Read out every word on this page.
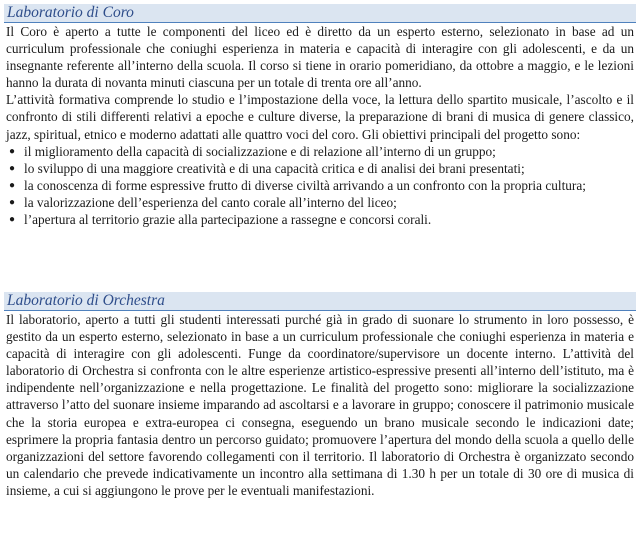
Laboratorio di Coro

Il Coro è aperto a tutte le componenti del liceo ed è diretto da un esperto esterno, selezionato in base ad un curriculum professionale che coniughi esperienza in materia e capacità di interagire con gli adolescenti, e da un insegnante referente all’interno della scuola. Il corso si tiene in orario pomeridiano, da ottobre a maggio, e le lezioni hanno la durata di novanta minuti ciascuna per un totale di trenta ore all’anno.

L’attività formativa comprende lo studio e l’impostazione della voce, la lettura dello spartito musicale, l’ascolto e il confronto di stili differenti relativi a epoche e culture diverse, la preparazione di brani di musica di genere classico, jazz, spiritual, etnico e moderno adattati alle quattro voci del coro. Gli obiettivi principali del progetto sono:

● il miglioramento della capacità di socializzazione e di relazione all’interno di un gruppo;
● lo sviluppo di una maggiore creatività e di una capacità critica e di analisi dei brani presentati;
● la conoscenza di forme espressive frutto di diverse civiltà arrivando a un confronto con la propria cultura;
● la valorizzazione dell’esperienza del canto corale all’interno del liceo;
● l’apertura al territorio grazie alla partecipazione a rassegne e concorsi corali.
Laboratorio di Orchestra

Il laboratorio, aperto a tutti gli studenti interessati purché già in grado di suonare lo strumento in loro possesso, è gestito da un esperto esterno, selezionato in base a un curriculum professionale che coniughi esperienza in materia e capacità di interagire con gli adolescenti. Funge da coordinatore/supervisore un docente interno. L’attività del laboratorio di Orchestra si confronta con le altre esperienze artistico-espressive presenti all’interno dell’istituto, ma è indipendente nell’organizzazione e nella progettazione. Le finalità del progetto sono: migliorare la socializzazione attraverso l’atto del suonare insieme imparando ad ascoltarsi e a lavorare in gruppo; conoscere il patrimonio musicale che la storia europea e extra-europea ci consegna, eseguendo un brano musicale secondo le indicazioni date; esprimere la propria fantasia dentro un percorso guidato; promuovere l’apertura del mondo della scuola a quello delle organizzazioni del settore favorendo collegamenti con il territorio. Il laboratorio di Orchestra è organizzato secondo un calendario che prevede indicativamente un incontro alla settimana di 1.30 h per un totale di 30 ore di musica di insieme, a cui si aggiungono le prove per le eventuali manifestazioni.
